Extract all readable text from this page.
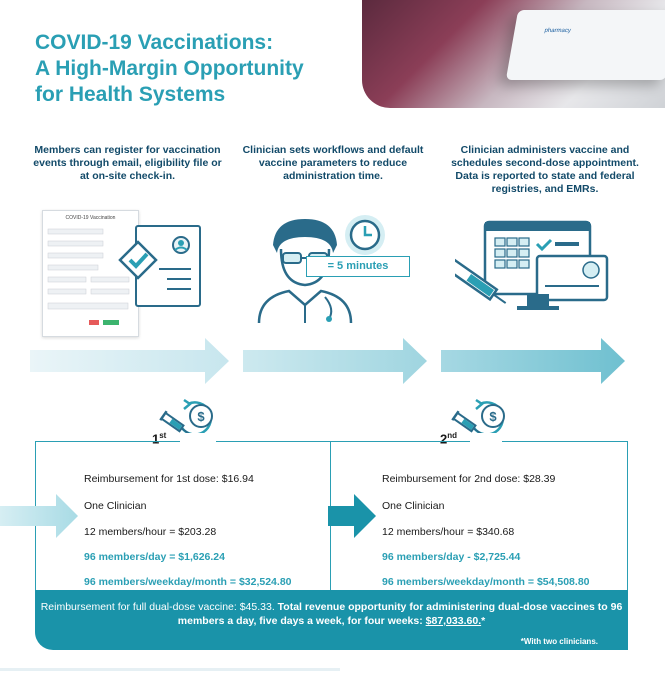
COVID-19 Vaccinations:
A High-Margin Opportunity
for Health Systems
pharmacy
Members can register for vaccination events through email, eligibility file or at on-site check-in.
Clinician sets workflows and default vaccine parameters to reduce administration time.
Clinician administers vaccine and schedules second-dose appointment. Data is reported to state and federal registries, and EMRs.
COVID-19 Vaccination
= 5 minutes
$
1st
$
2nd
Reimbursement for 1st dose: $16.94
One Clinician
12 members/hour = $203.28
96 members/day = $1,626.24
96 members/weekday/month = $32,524.80
Reimbursement for 2nd dose: $28.39
One Clinician
12 members/hour = $340.68
96 members/day - $2,725.44
96 members/weekday/month = $54,508.80
Reimbursement for full dual-dose vaccine: $45.33. Total revenue opportunity for administering dual-dose vaccines to 96 members a day, five days a week, for four weeks: $87,033.60.*
*With two clinicians.
